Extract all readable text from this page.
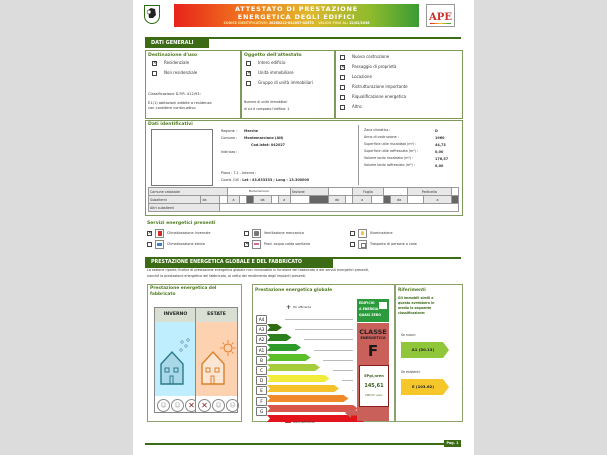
ATTESTATO DI PRESTAZIONE
ENERGETICA DEGLI EDIFICI
CODICE IDENTIFICATIVO: 20260222-042057-02570 VALIDO FINO AL: 22/02/2036	APE
DATI GENERALI
Destinazione d'uso
✕
Residenziale
Non residenziale
Classificazione D.P.R. 412/93:
E1(1) abitazioni adibite a residenza
con carattere continuativo
Oggetto dell'attestato
Intero edificio
✕
Unità immobiliare
Gruppo di unità immobiliari
Numero di unità immobiliari
di cui è composto l'edificio: 1
Nuova costruzione
✕
Passaggio di proprietà
Locazione
Ristrutturazione importante
Riqualificazione energetica
Altro:
Dati identificativi
Regione : Marche
Comune : Montemarciano (AN)
Cod.Istat: 042027
Indirizzo :
Piano : T-1 - Interno :
Coord. GIS : Lat : 43.633333 ; Long : 13.300000
Zona climatica :	D
Anno di costruzione :	1960
Superficie utile riscaldata (m²) :	44,73
Superficie utile raffrescata (m²) :	0,00
Volume lordo riscaldato (m³) :	176,57
Volume lordo raffrescato (m³) :	0,00
Comune catastale			Montemarciano						Sezione				Foglio				Particella		
Subalterni	da		a			da		a			da		a			da		a	
Altri subalterni																			
Servizi energetici presenti
✕
Climatizzazione invernale	Ventilazione meccanica	Illuminazione
Climatizzazione estiva ✕	Prod. acqua calda sanitaria	Trasporto di persone o cose
PRESTAZIONE ENERGETICA GLOBALE E DEL FABBRICATO
La sezione riporta l'indice di prestazione energetica globale non rinnovabile in funzione del fabbricato e dei servizi energetici presenti,
nonché la prestazione energetica del fabbricato, al netto del rendimento degli impianti presenti.
Prestazione energetica del
fabbricato
INVERNO
☺	☺ ✕
ESTATE
✕	☺	☹
Prestazione energetica globale
+ Più efficiente
A4
A3
A2
A1
B
C
D
E
F
G
Meno efficiente
EDIFICIO
A ENERGIA
QUASI ZERO
CLASSE
ENERGETICA
F
EPgl,nren
145,61
kWh/m² anno
Riferimenti
Gli immobili simili a
questo avrebbero in
media la seguente
classificazione:
Se nuovi:
A1 (50.13)
Se esistenti:
E (103.62)
Pag. 1
